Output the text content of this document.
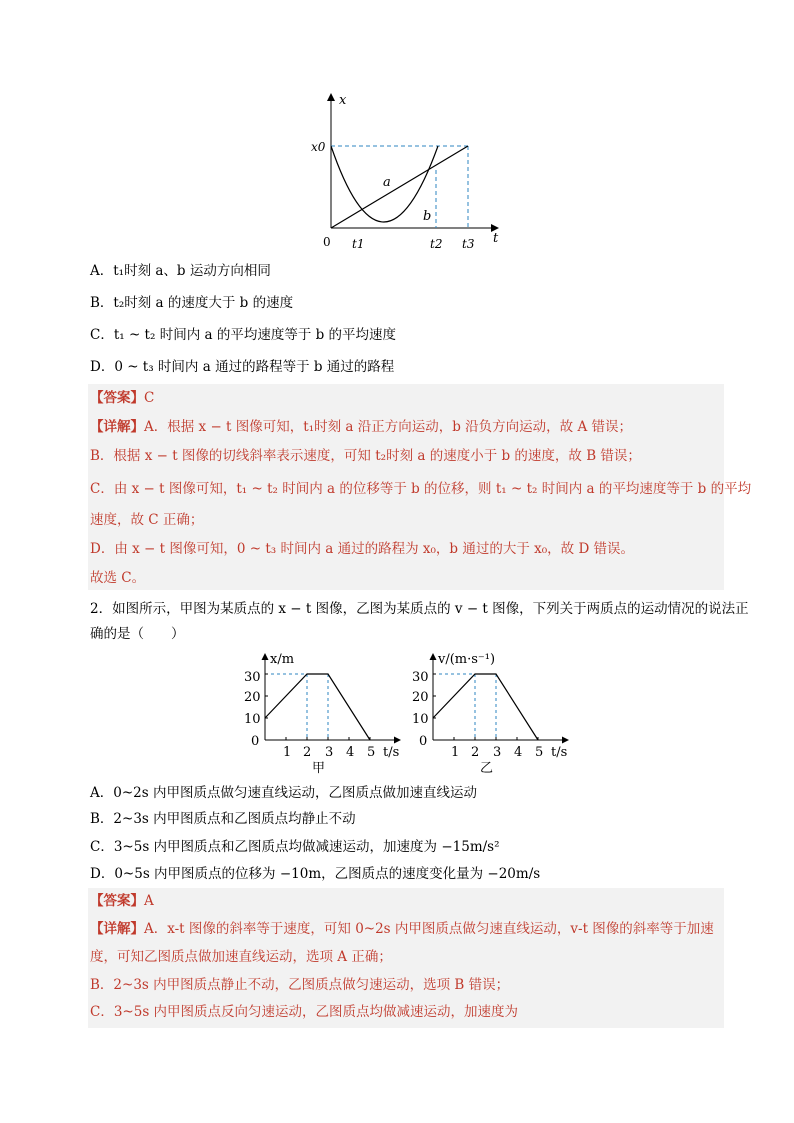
x
t
0
x0
t1	t2 t3
a
b
A．t₁时刻 a、b 运动方向相同
B．t₂时刻 a 的速度大于 b 的速度
C．t₁ ~ t₂ 时间内 a 的平均速度等于 b 的平均速度
D．0 ~ t₃ 时间内 a 通过的路程等于 b 通过的路程
【答案】C
【详解】A．根据 x − t 图像可知，t₁时刻 a 沿正方向运动，b 沿负方向运动，故 A 错误；
B．根据 x − t 图像的切线斜率表示速度，可知 t₂时刻 a 的速度小于 b 的速度，故 B 错误；
C．由 x − t 图像可知，t₁ ~ t₂ 时间内 a 的位移等于 b 的位移，则 t₁ ~ t₂ 时间内 a 的平均速度等于 b 的平均
速度，故 C 正确；
D．由 x − t 图像可知，0 ~ t₃ 时间内 a 通过的路程为 x₀，b 通过的大于 x₀，故 D 错误。
故选 C。
2．如图所示，甲图为某质点的 x − t 图像，乙图为某质点的 v − t 图像，下列关于两质点的运动情况的说法正
确的是（　　）
x/m
t/s
甲
0
10
20
30
1 2 3 4 5
v/(m·s⁻¹)
t/s
乙
0
10
20
30
1 2 3 4 5
A．0~2s 内甲图质点做匀速直线运动，乙图质点做加速直线运动
B．2~3s 内甲图质点和乙图质点均静止不动
C．3~5s 内甲图质点和乙图质点均做减速运动，加速度为 −15m/s²
D．0~5s 内甲图质点的位移为 −10m，乙图质点的速度变化量为 −20m/s
【答案】A
【详解】A．x-t 图像的斜率等于速度，可知 0~2s 内甲图质点做匀速直线运动，v-t 图像的斜率等于加速
度，可知乙图质点做加速直线运动，选项 A 正确；
B．2~3s 内甲图质点静止不动，乙图质点做匀速运动，选项 B 错误；
C．3~5s 内甲图质点反向匀速运动，乙图质点均做减速运动，加速度为
